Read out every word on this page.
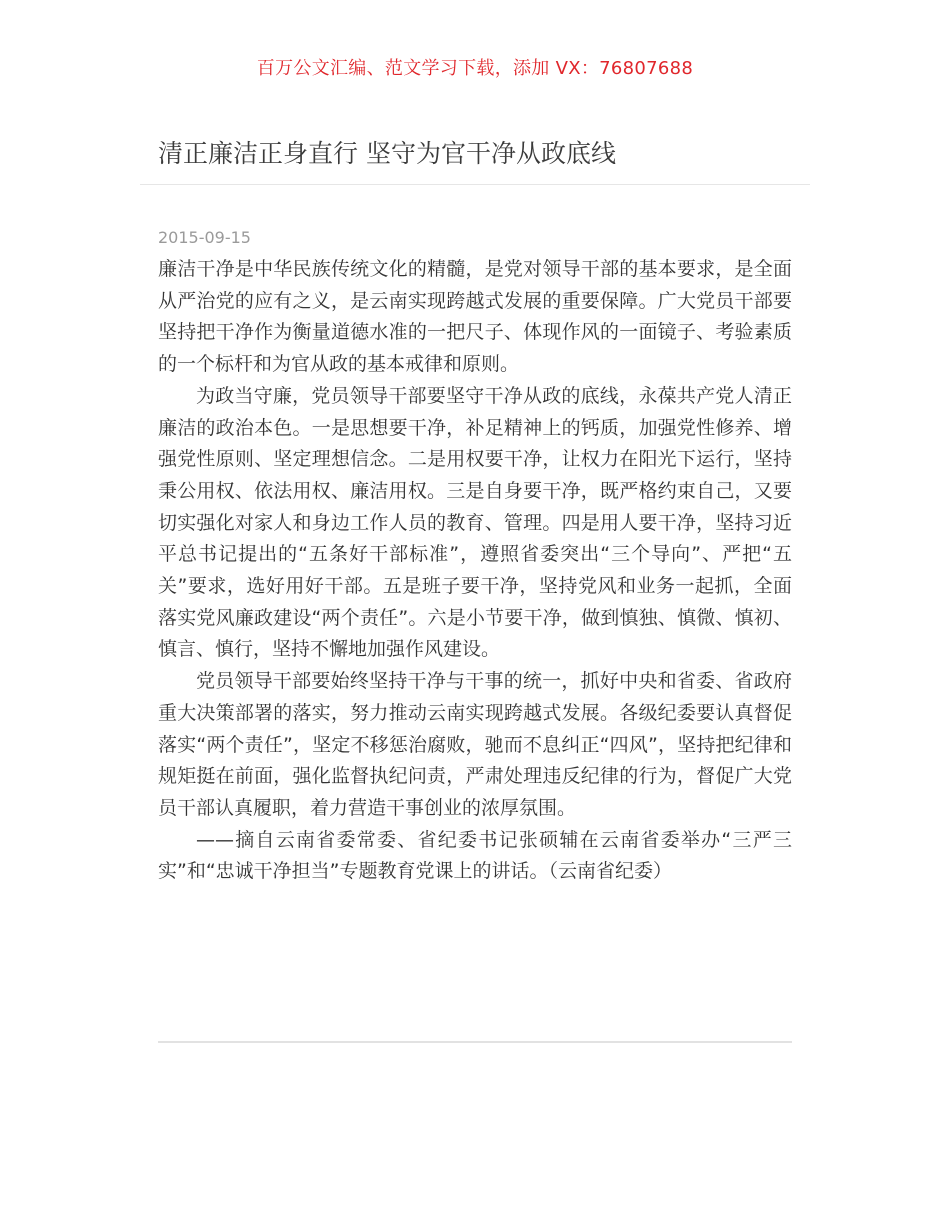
百万公文汇编、范文学习下载，添加 VX：76807688
清正廉洁正身直行 坚守为官干净从政底线
2015-09-15

廉洁干净是中华民族传统文化的精髓，是党对领导干部的基本要求，是全面从严治党的应有之义，是云南实现跨越式发展的重要保障。广大党员干部要坚持把干净作为衡量道德水准的一把尺子、体现作风的一面镜子、考验素质的一个标杆和为官从政的基本戒律和原则。

为政当守廉，党员领导干部要坚守干净从政的底线，永葆共产党人清正廉洁的政治本色。一是思想要干净，补足精神上的钙质，加强党性修养、增强党性原则、坚定理想信念。二是用权要干净，让权力在阳光下运行，坚持秉公用权、依法用权、廉洁用权。三是自身要干净，既严格约束自己，又要切实强化对家人和身边工作人员的教育、管理。四是用人要干净，坚持习近平总书记提出的“五条好干部标准”，遵照省委突出“三个导向”、严把“五关”要求，选好用好干部。五是班子要干净，坚持党风和业务一起抓，全面落实党风廉政建设“两个责任”。六是小节要干净，做到慎独、慎微、慎初、慎言、慎行，坚持不懈地加强作风建设。

党员领导干部要始终坚持干净与干事的统一，抓好中央和省委、省政府重大决策部署的落实，努力推动云南实现跨越式发展。各级纪委要认真督促落实“两个责任”，坚定不移惩治腐败，驰而不息纠正“四风”，坚持把纪律和规矩挺在前面，强化监督执纪问责，严肃处理违反纪律的行为，督促广大党员干部认真履职，着力营造干事创业的浓厚氛围。

——摘自云南省委常委、省纪委书记张硕辅在云南省委举办“三严三实”和“忠诚干净担当”专题教育党课上的讲话。（云南省纪委）
